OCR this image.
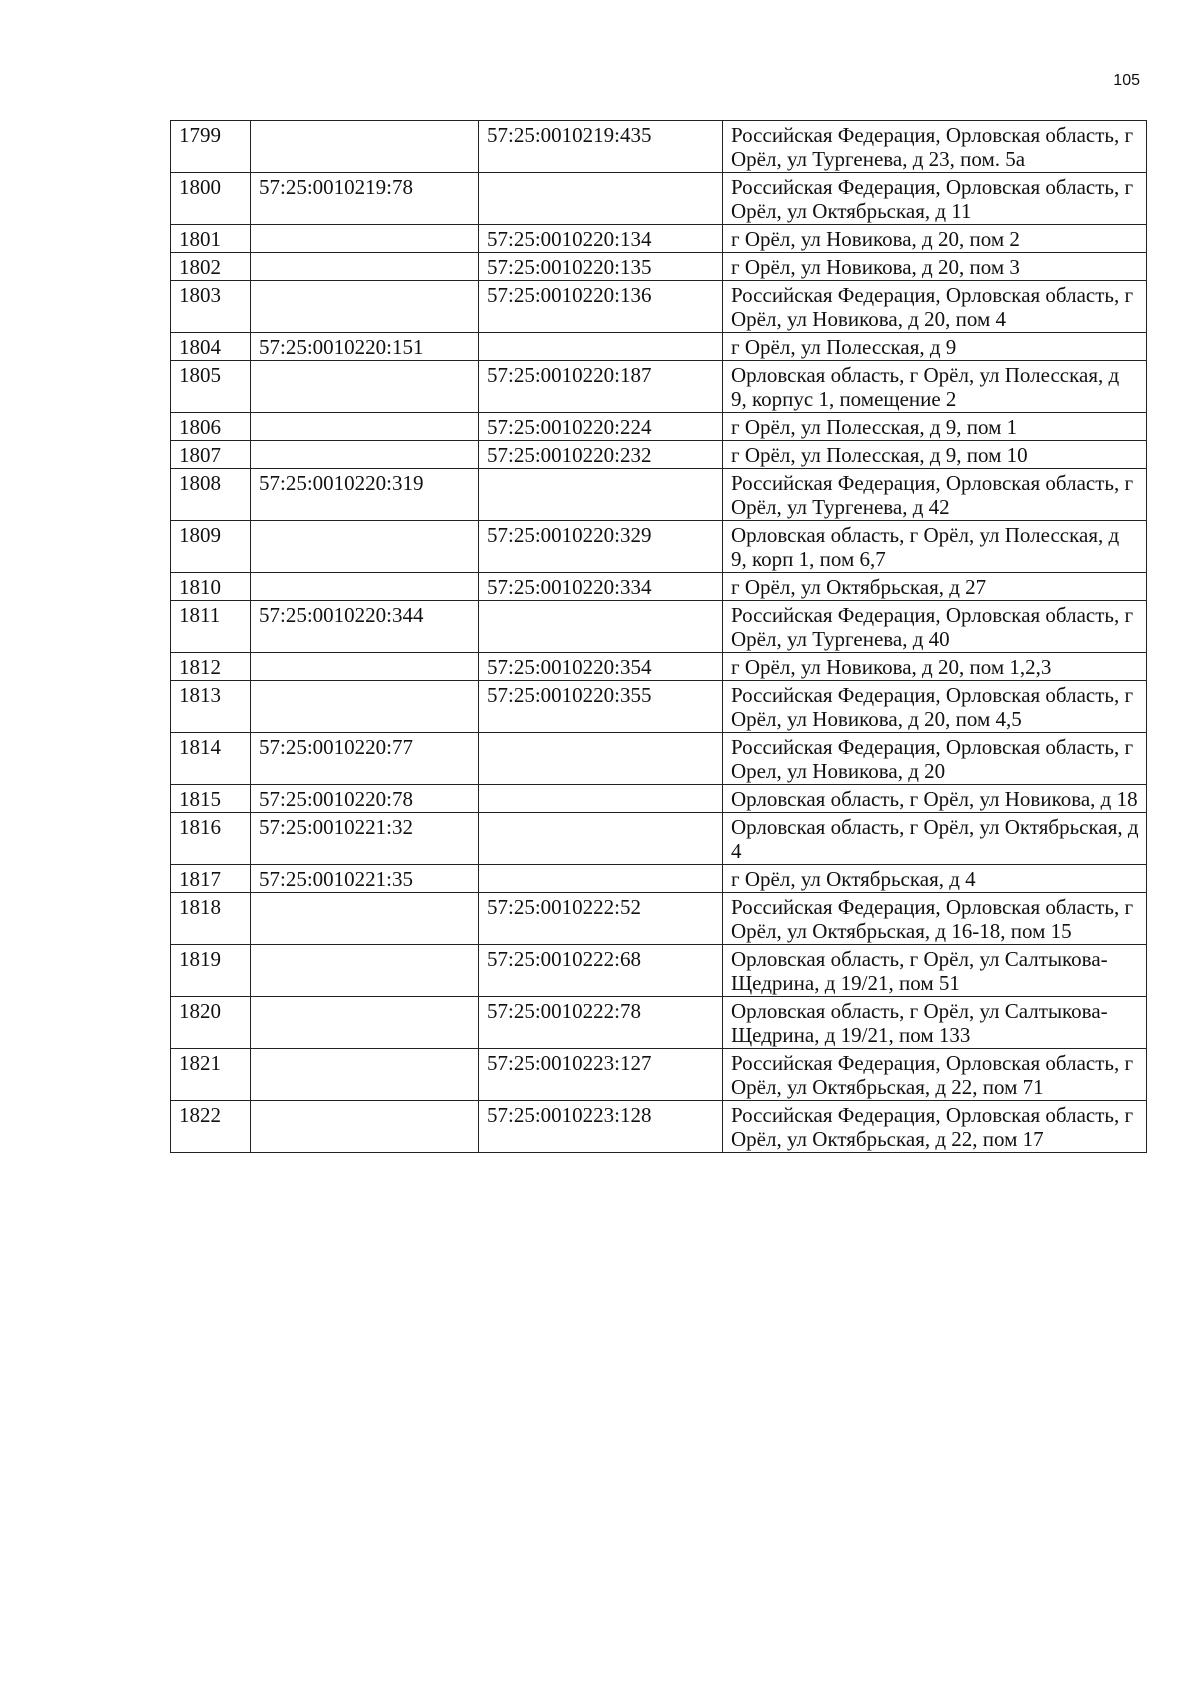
105
1799		57:25:0010219:435	Российская Федерация, Орловская область, г Орёл, ул Тургенева, д 23, пом. 5а
1800	57:25:0010219:78		Российская Федерация, Орловская область, г Орёл, ул Октябрьская, д 11
1801		57:25:0010220:134	г Орёл, ул Новикова, д 20, пом 2
1802		57:25:0010220:135	г Орёл, ул Новикова, д 20, пом 3
1803		57:25:0010220:136	Российская Федерация, Орловская область, г Орёл, ул Новикова, д 20, пом 4
1804	57:25:0010220:151		г Орёл, ул Полесская, д 9
1805		57:25:0010220:187	Орловская область, г Орёл, ул Полесская, д 9, корпус 1, помещение 2
1806		57:25:0010220:224	г Орёл, ул Полесская, д 9, пом 1
1807		57:25:0010220:232	г Орёл, ул Полесская, д 9, пом 10
1808	57:25:0010220:319		Российская Федерация, Орловская область, г Орёл, ул Тургенева, д 42
1809		57:25:0010220:329	Орловская область, г Орёл, ул Полесская, д 9, корп 1, пом 6,7
1810		57:25:0010220:334	г Орёл, ул Октябрьская, д 27
1811	57:25:0010220:344		Российская Федерация, Орловская область, г Орёл, ул Тургенева, д 40
1812		57:25:0010220:354	г Орёл, ул Новикова, д 20, пом 1,2,3
1813		57:25:0010220:355	Российская Федерация, Орловская область, г Орёл, ул Новикова, д 20, пом 4,5
1814	57:25:0010220:77		Российская Федерация, Орловская область, г Орел, ул Новикова, д 20
1815	57:25:0010220:78		Орловская область, г Орёл, ул Новикова, д 18
1816	57:25:0010221:32		Орловская область, г Орёл, ул Октябрьская, д 4
1817	57:25:0010221:35		г Орёл, ул Октябрьская, д 4
1818		57:25:0010222:52	Российская Федерация, Орловская область, г Орёл, ул Октябрьская, д 16-18, пом 15
1819		57:25:0010222:68	Орловская область, г Орёл, ул Салтыкова-Щедрина, д 19/21, пом 51
1820		57:25:0010222:78	Орловская область, г Орёл, ул Салтыкова-Щедрина, д 19/21, пом 133
1821		57:25:0010223:127	Российская Федерация, Орловская область, г Орёл, ул Октябрьская, д 22, пом 71
1822		57:25:0010223:128	Российская Федерация, Орловская область, г Орёл, ул Октябрьская, д 22, пом 17
